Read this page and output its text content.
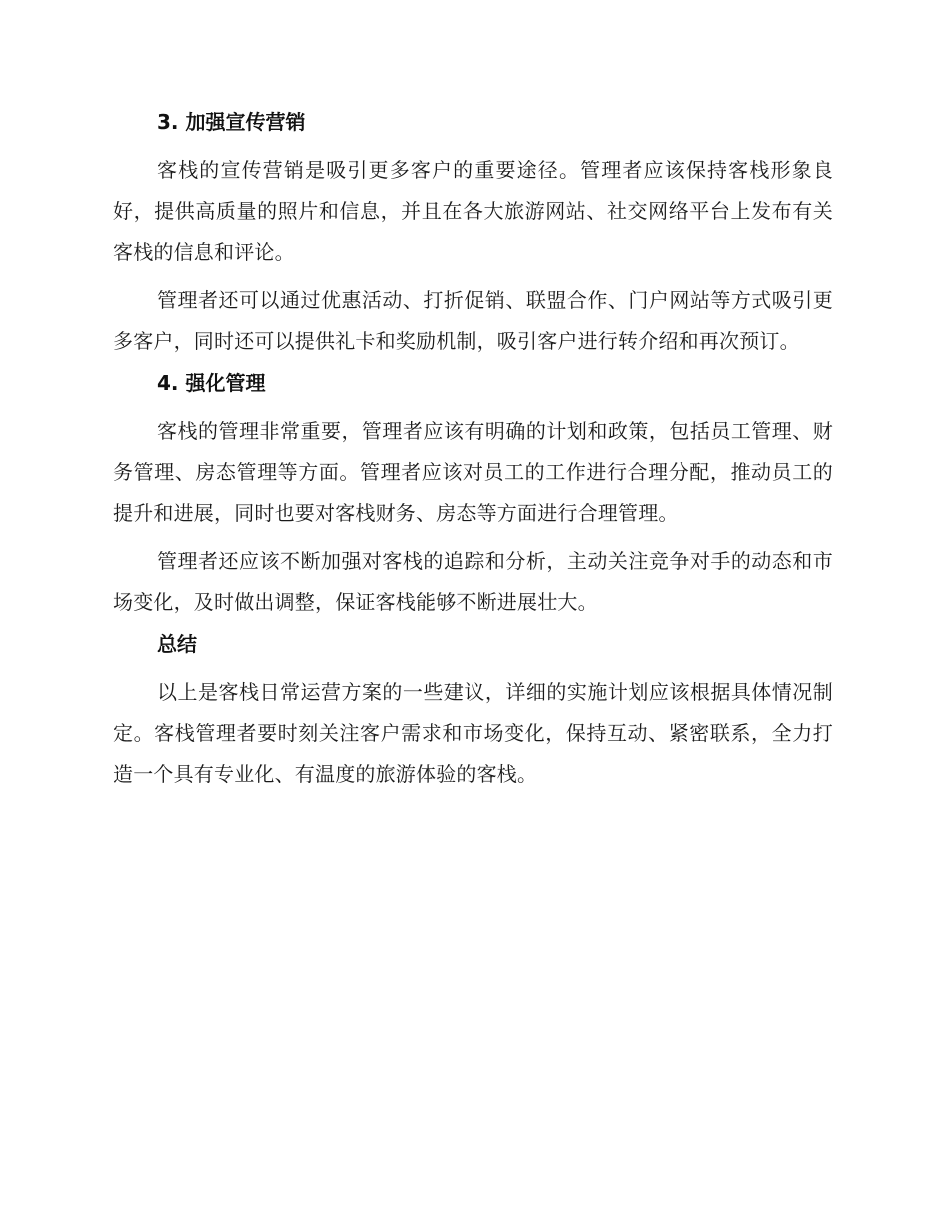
3. 加强宣传营销

客栈的宣传营销是吸引更多客户的重要途径。管理者应该保持客栈形象良好，提供高质量的照片和信息，并且在各大旅游网站、社交网络平台上发布有关客栈的信息和评论。

管理者还可以通过优惠活动、打折促销、联盟合作、门户网站等方式吸引更多客户，同时还可以提供礼卡和奖励机制，吸引客户进行转介绍和再次预订。

4. 强化管理

客栈的管理非常重要，管理者应该有明确的计划和政策，包括员工管理、财务管理、房态管理等方面。管理者应该对员工的工作进行合理分配，推动员工的提升和进展，同时也要对客栈财务、房态等方面进行合理管理。

管理者还应该不断加强对客栈的追踪和分析，主动关注竞争对手的动态和市场变化，及时做出调整，保证客栈能够不断进展壮大。

总结

以上是客栈日常运营方案的一些建议，详细的实施计划应该根据具体情况制定。客栈管理者要时刻关注客户需求和市场变化，保持互动、紧密联系，全力打造一个具有专业化、有温度的旅游体验的客栈。
